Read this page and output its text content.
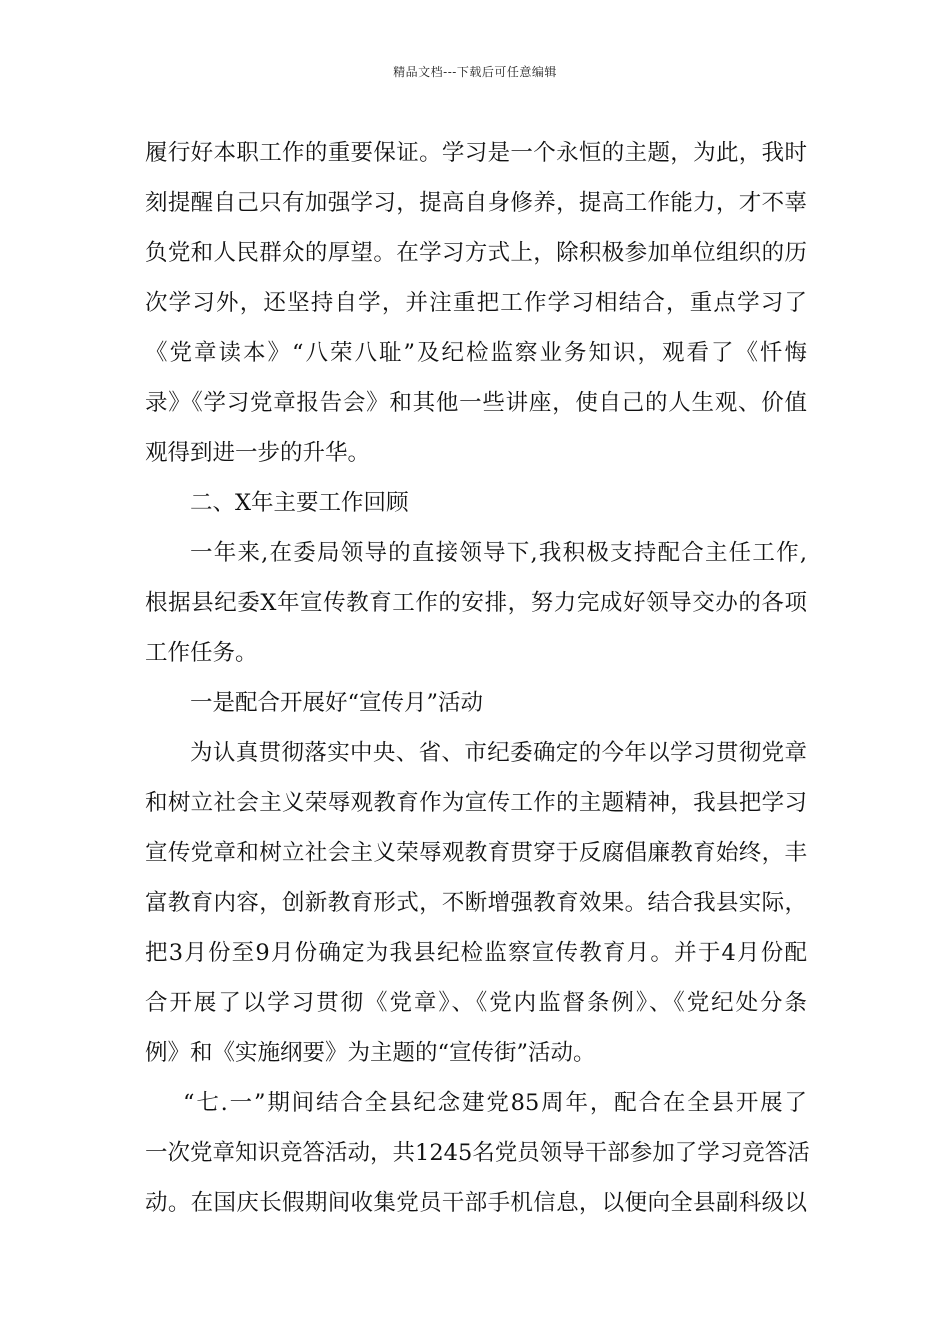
精品文档---下载后可任意编辑
履行好本职工作的重要保证。学习是一个永恒的主题，为此，我时
刻提醒自己只有加强学习，提高自身修养，提高工作能力，才不辜
负党和人民群众的厚望。在学习方式上，除积极参加单位组织的历
次学习外，还坚持自学，并注重把工作学习相结合，重点学习了
《党章读本》“八荣八耻”及纪检监察业务知识，观看了《忏悔
录》《学习党章报告会》和其他一些讲座，使自己的人生观、价值
观得到进一步的升华。
二、X年主要工作回顾
一年来,在委局领导的直接领导下,我积极支持配合主任工作,
根据县纪委X年宣传教育工作的安排，努力完成好领导交办的各项
工作任务。
一是配合开展好“宣传月”活动
为认真贯彻落实中央、省、市纪委确定的今年以学习贯彻党章
和树立社会主义荣辱观教育作为宣传工作的主题精神，我县把学习
宣传党章和树立社会主义荣辱观教育贯穿于反腐倡廉教育始终，丰
富教育内容，创新教育形式，不断增强教育效果。结合我县实际，
把3月份至9月份确定为我县纪检监察宣传教育月。并于4月份配
合开展了以学习贯彻《党章》、《党内监督条例》、《党纪处分条
例》和《实施纲要》为主题的“宣传街”活动。
“七.一”期间结合全县纪念建党85周年，配合在全县开展了
一次党章知识竞答活动，共1245名党员领导干部参加了学习竞答活
动。在国庆长假期间收集党员干部手机信息，以便向全县副科级以
